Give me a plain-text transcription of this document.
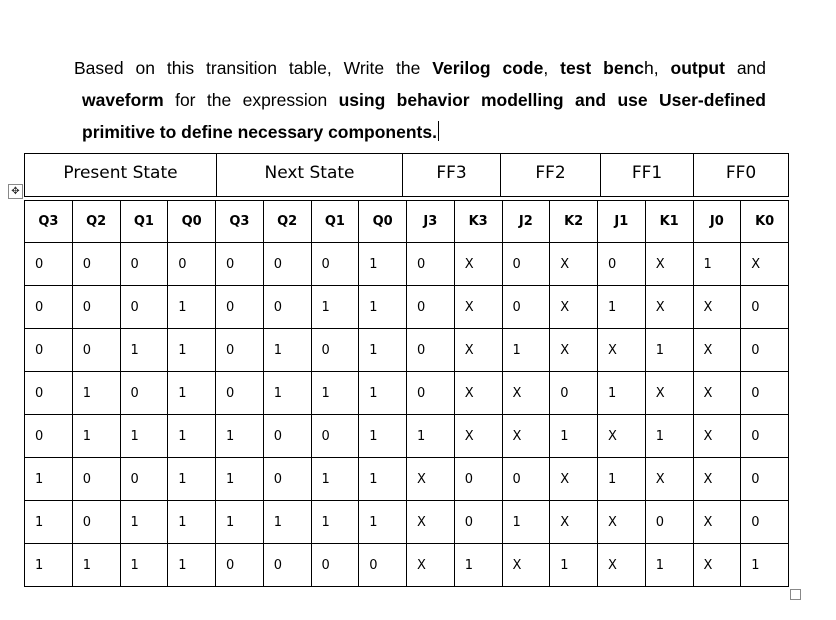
Based on this transition table, Write the Verilog code, test bench, output and
waveform for the expression using behavior modelling and use User-defined
primitive to define necessary components.
Present State	Next State	FF3	FF2	FF1	FF0
✥
Q3	Q2	Q1	Q0	Q3	Q2	Q1	Q0	J3	K3	J2	K2	J1	K1	J0	K0
0	0	0	0	0	0	0	1	0	X	0	X	0	X	1	X
0	0	0	1	0	0	1	1	0	X	0	X	1	X	X	0
0	0	1	1	0	1	0	1	0	X	1	X	X	1	X	0
0	1	0	1	0	1	1	1	0	X	X	0	1	X	X	0
0	1	1	1	1	0	0	1	1	X	X	1	X	1	X	0
1	0	0	1	1	0	1	1	X	0	0	X	1	X	X	0
1	0	1	1	1	1	1	1	X	0	1	X	X	0	X	0
1	1	1	1	0	0	0	0	X	1	X	1	X	1	X	1
